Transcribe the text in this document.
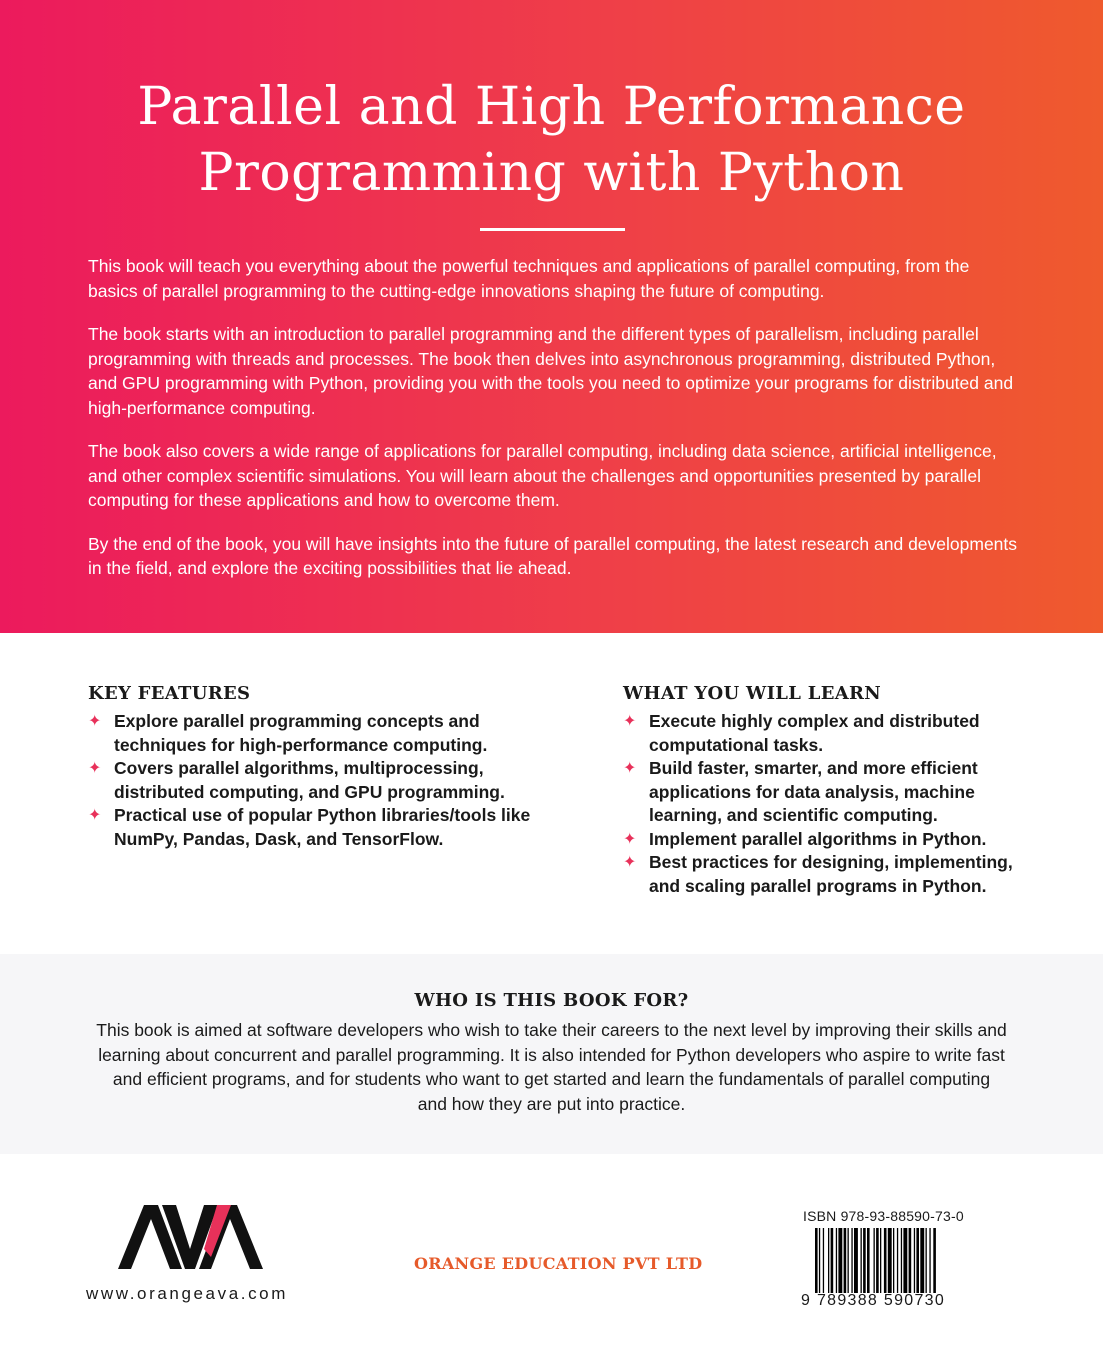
Parallel and High Performance
Programming with Python

This book will teach you everything about the powerful techniques and applications of parallel computing, from the basics of parallel programming to the cutting-edge innovations shaping the future of computing.

The book starts with an introduction to parallel programming and the different types of parallelism, including parallel programming with threads and processes. The book then delves into asynchronous programming, distributed Python, and GPU programming with Python, providing you with the tools you need to optimize your programs for distributed and high-performance computing.

The book also covers a wide range of applications for parallel computing, including data science, artificial intelligence, and other complex scientific simulations. You will learn about the challenges and opportunities presented by parallel computing for these applications and how to overcome them.

By the end of the book, you will have insights into the future of parallel computing, the latest research and developments in the field, and explore the exciting possibilities that lie ahead.

KEY FEATURES
✦ Explore parallel programming concepts and techniques for high-performance computing.
✦ Covers parallel algorithms, multiprocessing, distributed computing, and GPU programming.
✦ Practical use of popular Python libraries/tools like NumPy, Pandas, Dask, and TensorFlow.
WHAT YOU WILL LEARN
✦ Execute highly complex and distributed computational tasks.
✦ Build faster, smarter, and more efficient applications for data analysis, machine learning, and scientific computing.
✦ Implement parallel algorithms in Python.
✦ Best practices for designing, implementing, and scaling parallel programs in Python.
WHO IS THIS BOOK FOR?

This book is aimed at software developers who wish to take their careers to the next level by improving their skills and learning about concurrent and parallel programming. It is also intended for Python developers who aspire to write fast and efficient programs, and for students who want to get started and learn the fundamentals of parallel computing and how they are put into practice.

www.orangeava.com
ORANGE EDUCATION PVT LTD
ISBN 978-93-88590-73-0
9 789388 590730
